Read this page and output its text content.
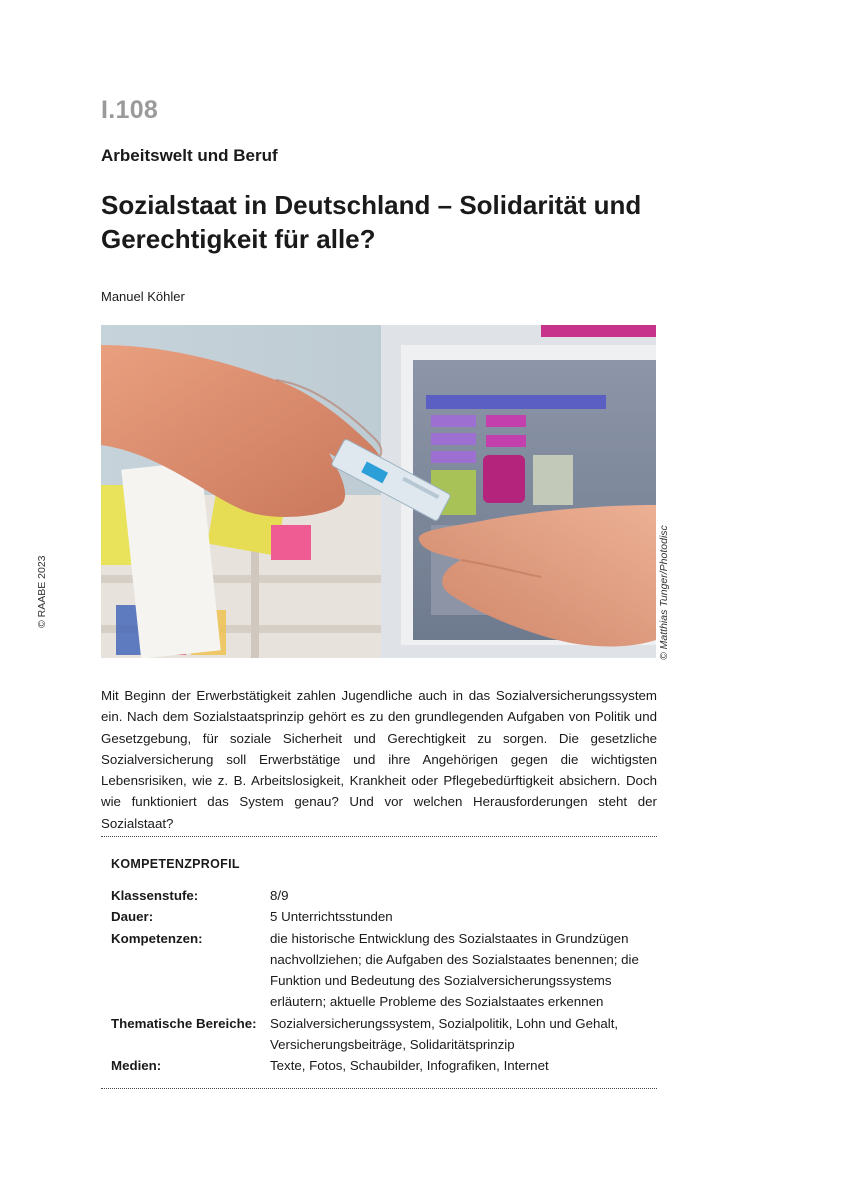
I.108
Arbeitswelt und Beruf
Sozialstaat in Deutschland – Solidarität und Gerechtigkeit für alle?
Manuel Köhler
© Matthias Tunger/Photodisc
© RAABE 2023
Mit Beginn der Erwerbstätigkeit zahlen Jugendliche auch in das Sozialversicherungssystem ein. Nach dem Sozialstaatsprinzip gehört es zu den grundlegenden Aufgaben von Politik und Gesetzgebung, für soziale Sicherheit und Gerechtigkeit zu sorgen. Die gesetzliche Sozialversicherung soll Erwerbstätige und ihre Angehörigen gegen die wichtigsten Lebensrisiken, wie z. B. Arbeitslosigkeit, Krankheit oder Pflegebedürftigkeit absichern. Doch wie funktioniert das System genau? Und vor welchen Herausforderungen steht der Sozialstaat?
KOMPETENZPROFIL
Klassenstufe:	8/9
Dauer:	5 Unterrichtsstunden
Kompetenzen:	die historische Entwicklung des Sozialstaates in Grundzügen nachvollziehen; die Aufgaben des Sozialstaates benennen; die Funktion und Bedeutung des Sozialversicherungssystems erläutern; aktuelle Probleme des Sozialstaates erkennen
Thematische Bereiche:	Sozialversicherungssystem, Sozialpolitik, Lohn und Gehalt, Versicherungsbeiträge, Solidaritätsprinzip
Medien:	Texte, Fotos, Schaubilder, Infografiken, Internet
